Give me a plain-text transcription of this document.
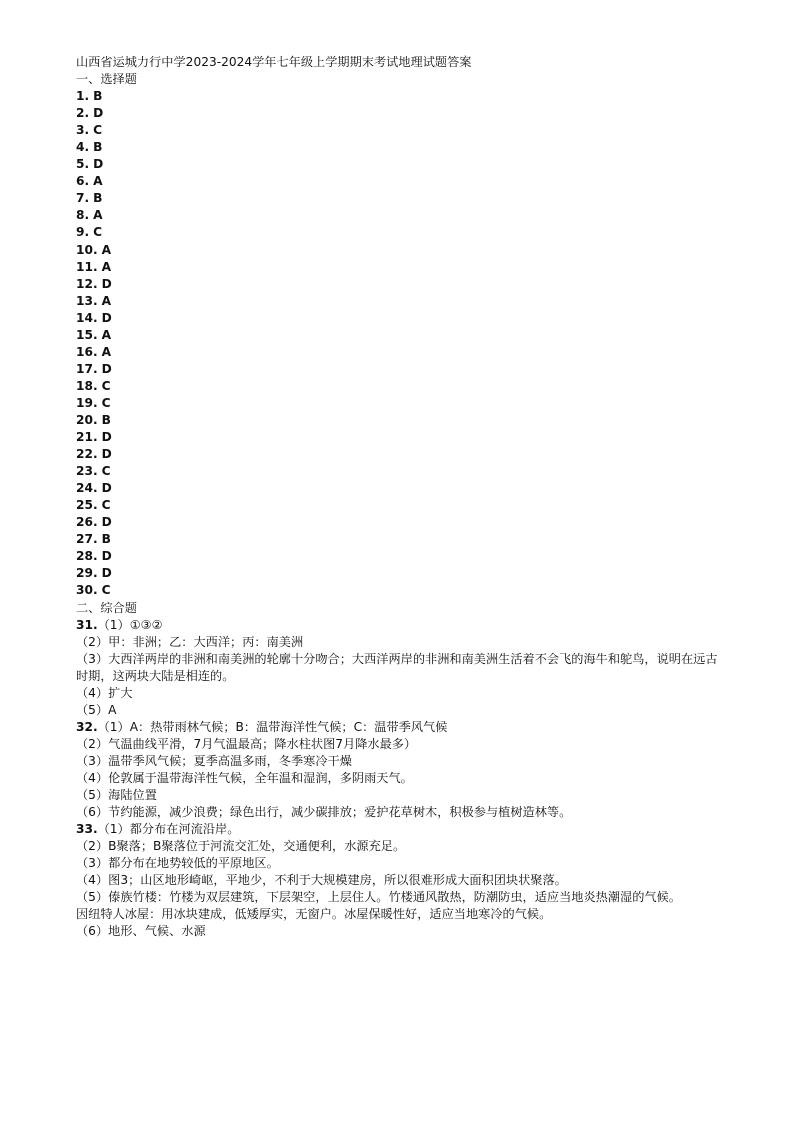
山西省运城力行中学2023-2024学年七年级上学期期末考试地理试题答案
一、选择题
1. B
2. D
3. C
4. B
5. D
6. A
7. B
8. A
9. C
10. A
11. A
12. D
13. A
14. D
15. A
16. A
17. D
18. C
19. C
20. B
21. D
22. D
23. C
24. D
25. C
26. D
27. B
28. D
29. D
30. C
二、综合题
31.（1）①③②
（2）甲：非洲；乙：大西洋；丙：南美洲
（3）大西洋两岸的非洲和南美洲的轮廓十分吻合；大西洋两岸的非洲和南美洲生活着不会飞的海牛和鸵鸟，说明在远古时期，这两块大陆是相连的。
（4）扩大
（5）A
32.（1）A：热带雨林气候；B：温带海洋性气候；C：温带季风气候
（2）气温曲线平滑，7月气温最高；降水柱状图7月降水最多）
（3）温带季风气候；夏季高温多雨，冬季寒冷干燥
（4）伦敦属于温带海洋性气候，全年温和湿润，多阴雨天气。
（5）海陆位置
（6）节约能源，减少浪费；绿色出行，减少碳排放；爱护花草树木，积极参与植树造林等。
33.（1）都分布在河流沿岸。
（2）B聚落；B聚落位于河流交汇处，交通便利，水源充足。
（3）都分布在地势较低的平原地区。
（4）图3；山区地形崎岖，平地少，不利于大规模建房，所以很难形成大面积团块状聚落。
（5）傣族竹楼：竹楼为双层建筑，下层架空，上层住人。竹楼通风散热，防潮防虫，适应当地炎热潮湿的气候。
因纽特人冰屋：用冰块建成，低矮厚实，无窗户。冰屋保暖性好，适应当地寒冷的气候。
（6）地形、气候、水源
